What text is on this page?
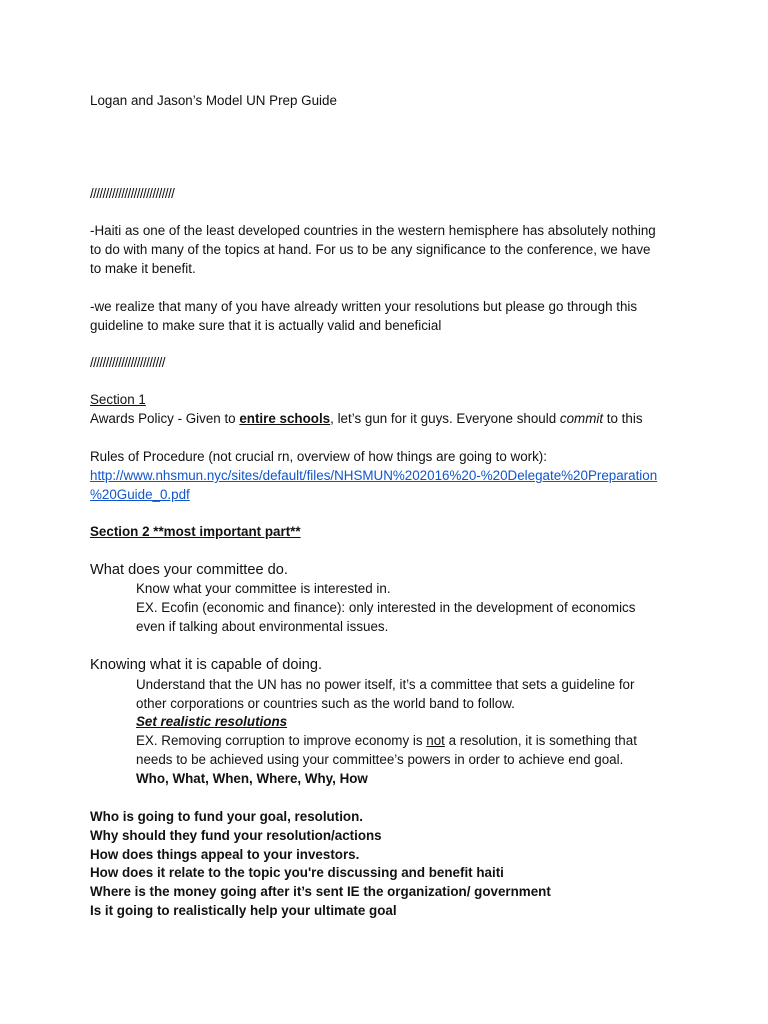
Logan and Jason’s Model UN Prep Guide
///////////////////////////
-Haiti as one of the least developed countries in the western hemisphere has absolutely nothing
to do with many of the topics at hand. For us to be any significance to the conference, we have
to make it benefit.
-we realize that many of you have already written your resolutions but please go through this
guideline to make sure that it is actually valid and beneficial
////////////////////////
Section 1
Awards Policy - Given to entire schools, let’s gun for it guys. Everyone should commit to this
Rules of Procedure (not crucial rn, overview of how things are going to work):
http://www.nhsmun.nyc/sites/default/files/NHSMUN%202016%20-%20Delegate%20Preparation
%20Guide_0.pdf
Section 2 **most important part**
What does your committee do.
Know what your committee is interested in.
EX. Ecofin (economic and finance): only interested in the development of economics
even if talking about environmental issues.
Knowing what it is capable of doing.
Understand that the UN has no power itself, it’s a committee that sets a guideline for
other corporations or countries such as the world band to follow.
Set realistic resolutions
EX. Removing corruption to improve economy is not a resolution, it is something that
needs to be achieved using your committee’s powers in order to achieve end goal.
Who, What, When, Where, Why, How
Who is going to fund your goal, resolution.
Why should they fund your resolution/actions
How does things appeal to your investors.
How does it relate to the topic you're discussing and benefit haiti
Where is the money going after it’s sent IE the organization/ government
Is it going to realistically help your ultimate goal
